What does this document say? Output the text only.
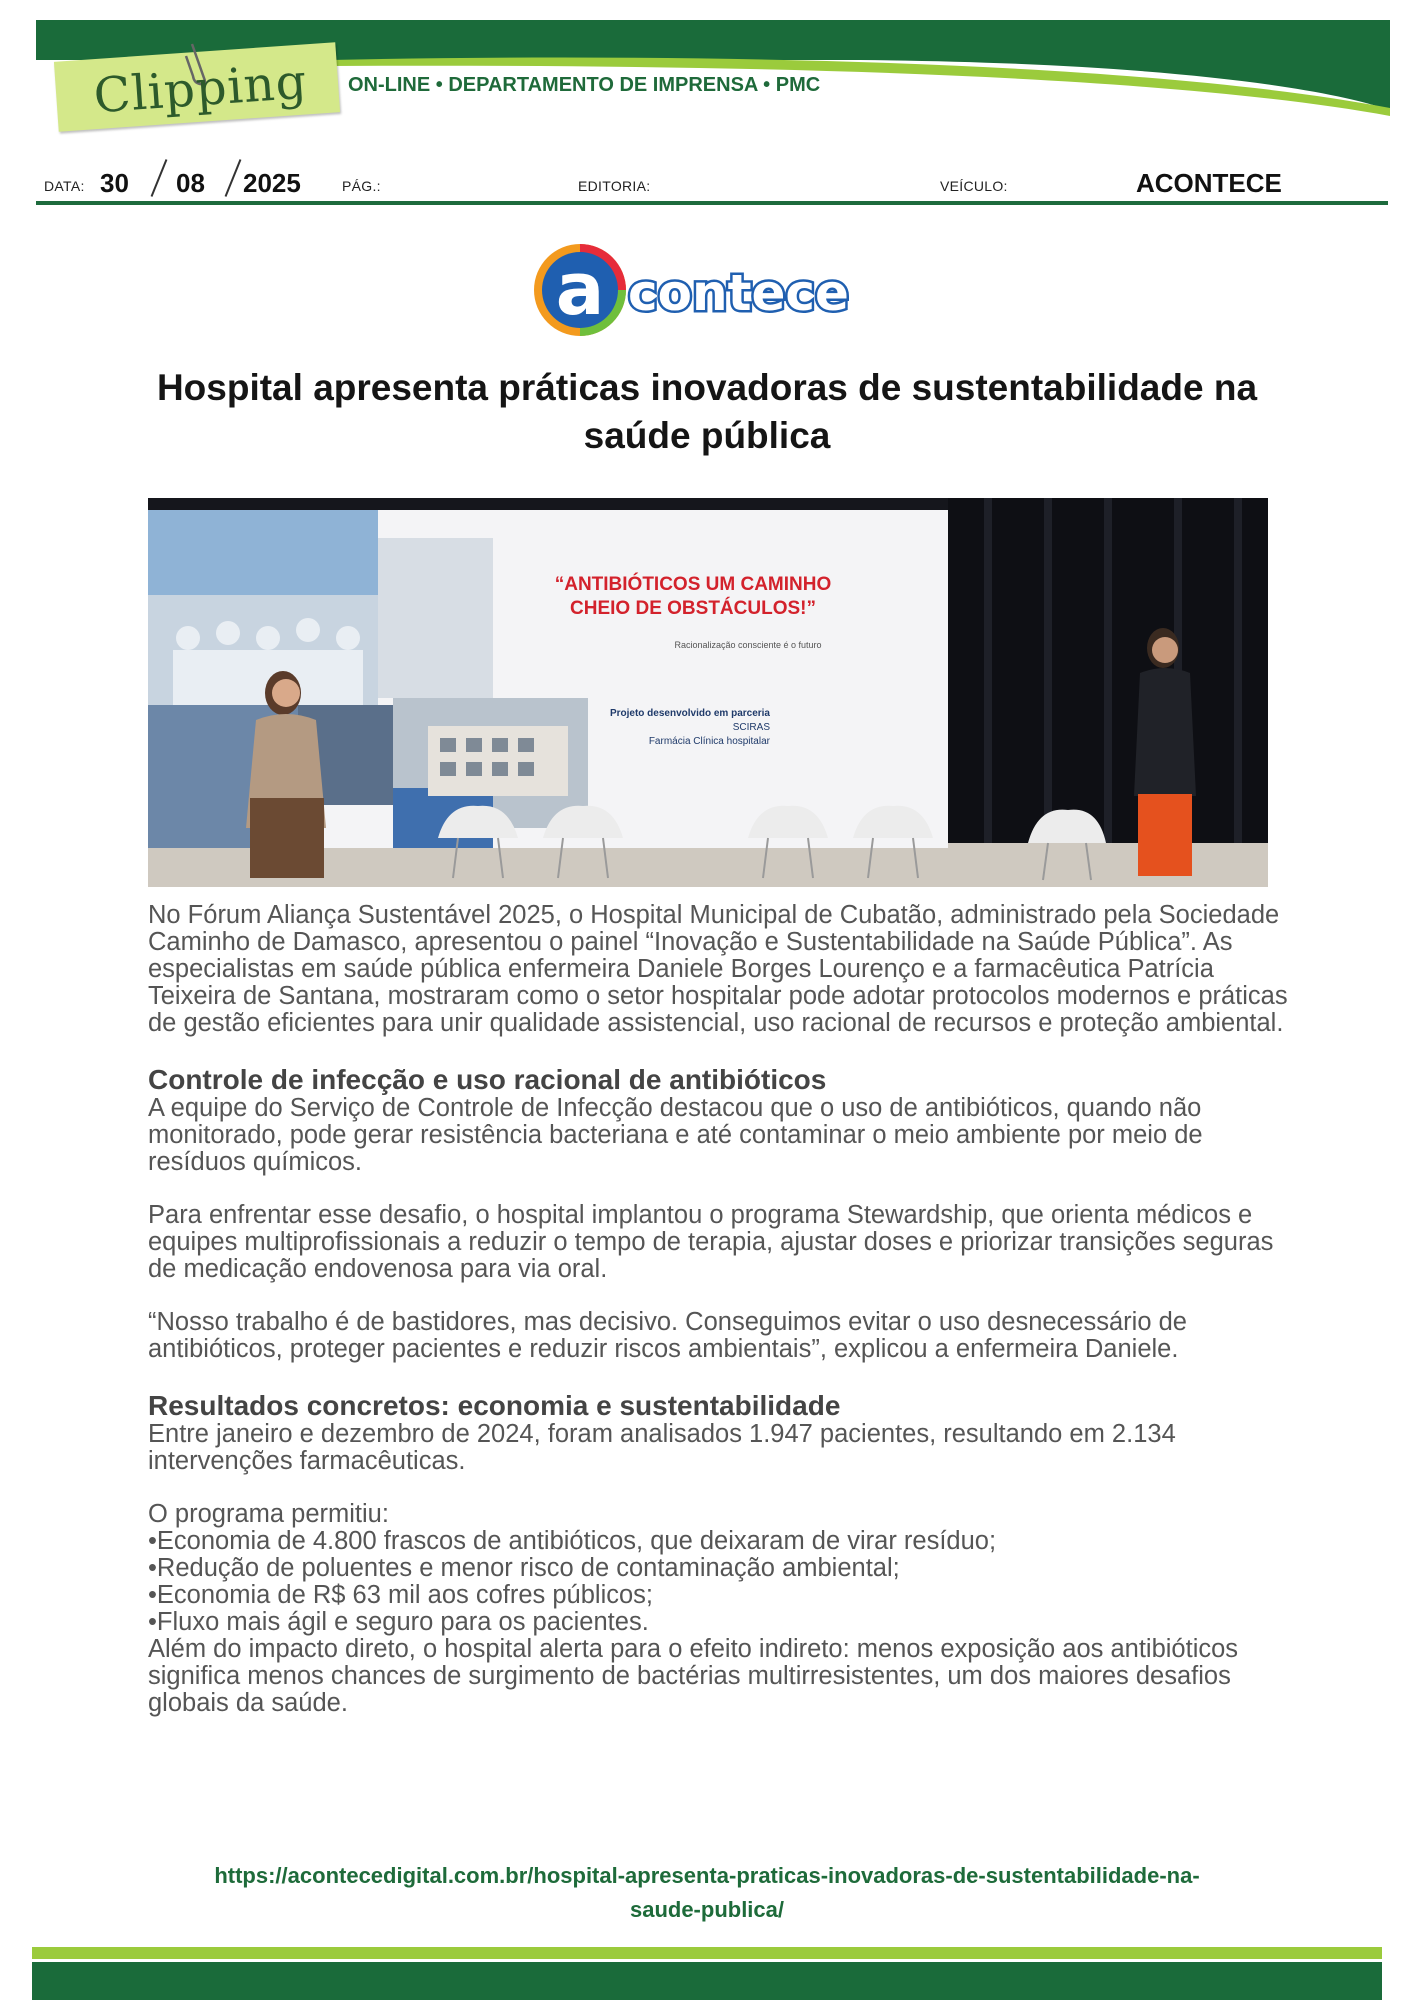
Clipping	ON-LINE • DEPARTAMENTO DE IMPRENSA • PMC
DATA: 30 08 2025	PÁG.:	EDITORIA:	VEÍCULO:	ACONTECE
a contece
Hospital apresenta práticas inovadoras de sustentabilidade na saúde pública
“ANTIBIÓTICOS UM CAMINHO
CHEIO DE OBSTÁCULOS!”
Racionalização consciente é o futuro
Projeto desenvolvido em parceria
SCIRAS
Farmácia Clínica hospitalar

No Fórum Aliança Sustentável 2025, o Hospital Municipal de Cubatão, administrado pela Sociedade Caminho de Damasco, apresentou o painel “Inovação e Sustentabilidade na Saúde Pública”. As especialistas em saúde pública enfermeira Daniele Borges Lourenço e a farmacêutica Patrícia Teixeira de Santana, mostraram como o setor hospitalar pode adotar protocolos modernos e práticas de gestão eficientes para unir qualidade assistencial, uso racional de recursos e proteção ambiental.

Controle de infecção e uso racional de antibióticos

A equipe do Serviço de Controle de Infecção destacou que o uso de antibióticos, quando não monitorado, pode gerar resistência bacteriana e até contaminar o meio ambiente por meio de resíduos químicos.

Para enfrentar esse desafio, o hospital implantou o programa Stewardship, que orienta médicos e equipes multiprofissionais a reduzir o tempo de terapia, ajustar doses e priorizar transições seguras de medicação endovenosa para via oral.

“Nosso trabalho é de bastidores, mas decisivo. Conseguimos evitar o uso desnecessário de antibióticos, proteger pacientes e reduzir riscos ambientais”, explicou a enfermeira Daniele.

Resultados concretos: economia e sustentabilidade

Entre janeiro e dezembro de 2024, foram analisados 1.947 pacientes, resultando em 2.134 intervenções farmacêuticas.

O programa permitiu:

•Economia de 4.800 frascos de antibióticos, que deixaram de virar resíduo;

•Redução de poluentes e menor risco de contaminação ambiental;

•Economia de R$ 63 mil aos cofres públicos;

•Fluxo mais ágil e seguro para os pacientes.

Além do impacto direto, o hospital alerta para o efeito indireto: menos exposição aos antibióticos significa menos chances de surgimento de bactérias multirresistentes, um dos maiores desafios globais da saúde.

https://acontecedigital.com.br/hospital-apresenta-praticas-inovadoras-de-sustentabilidade-na-
saude-publica/
